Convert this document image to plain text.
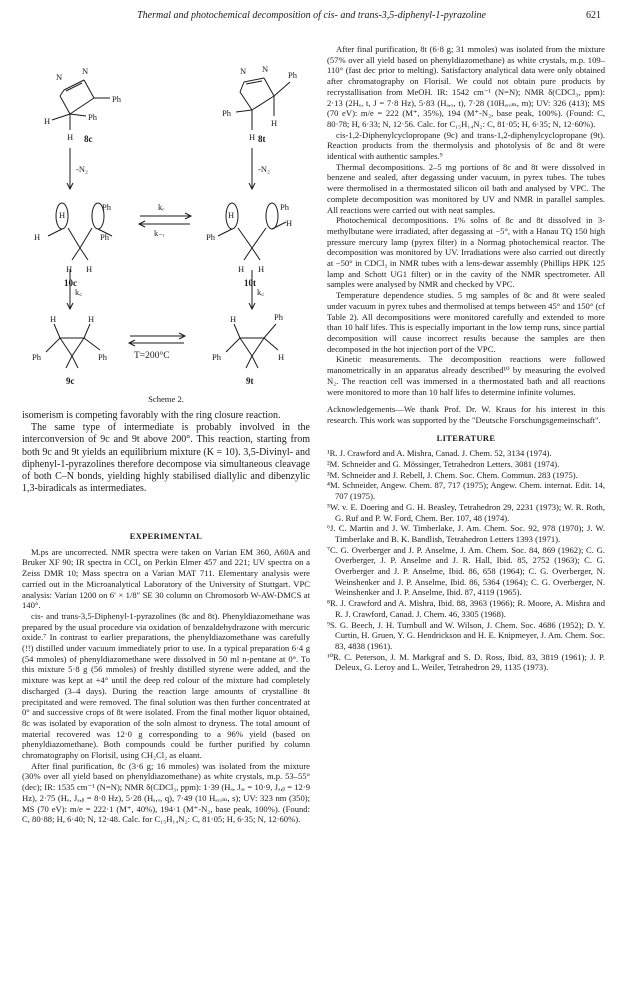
Thermal and photochemical decomposition of cis- and trans-3,5-diphenyl-1-pyrazoline	621
N
N
Ph
Ph
H
H
N N
Ph
Ph
H
H
H
H
Ph
Ph
H H
H
Ph
Ph
H
H H
H	H
Ph	Ph
H	Ph
Ph	H
8c	8t
10c	10t
9c	9t
-N₂	-N₂
kᵣ
k₋ᵣ
k꜀	k꜀
T=200°C
Scheme 2.

isomerism is competing favorably with the ring closure reaction.

The same type of intermediate is probably involved in the interconversion of 9c and 9t above 200°. This reaction, starting from both 9c and 9t yields an equilibrium mixture (K = 10). 3,5-Divinyl- and diphenyl-1-pyrazolines therefore decompose via simultaneous cleavage of both C–N bonds, yielding highly stabilised diallylic and dibenzylic 1,3-biradicals as intermediates.

EXPERIMENTAL

M.ps are uncorrected. NMR spectra were taken on Varian EM 360, A60A and Bruker XF 90; IR spectra in CCl₄ on Perkin Elmer 457 and 221; UV spectra on a Zeiss DMR 10; Mass spectra on a Varian MAT 711. Elementary analysis were carried out in the Microanalytical Laboratory of the University of Stuttgart. VPC analysis: Varian 1200 on 6′ × 1/8″ SE 30 column on Chromosorb W-AW-DMCS at 140°.

cis- and trans-3,5-Diphenyl-1-pyrazolines (8c and 8t). Phenyldiazomethane was prepared by the usual procedure via oxidation of benzaldehydrazone with mercuric oxide.⁷ In contrast to earlier preparations, the phenyldiazomethane was carefully (!!) distilled under vacuum immediately prior to use. In a typical preparation 6·4 g (54 mmoles) of phenyldiazomethane were dissolved in 50 ml n-pentane at 0°. To this mixture 5·8 g (56 mmoles) of freshly distilled styrene were added, and the mixture was kept at +4° until the deep red colour of the mixture had completely discharged (3–4 days). During the reaction large amounts of crystalline 8t precipitated and were removed. The final solution was then further concentrated at 0° and successive crops of 8t were isolated. From the final mother liquor obtained, 8c was isolated by evaporation of the soln almost to dryness. The total amount of material recovered was 12·0 g corresponding to a 96% yield (based on phenyldiazomethane). Both compounds could be further purified by column chromatography on Florisil, using CH₂Cl₂ as eluant.

After final purification, 8c (3·6 g; 16 mmoles) was isolated from the mixture (30% over all yield based on phenyldiazomethane) as white crystals, m.p. 53–55° (dec); IR: 1535 cm⁻¹ (N=N); NMR δ(CDCl₃, ppm): 1·39 (Hₐ, Jₐₑ = 10·9, Jₐ,ᵦ = 12·9 Hz), 2·75 (Hₑ, Jₐ,ᵦ = 8·0 Hz), 5·28 (Hₐ,ₓ, q), 7·49 (10 Hₐᵣₒₘ, s); UV: 323 nm (350); MS (70 eV): m/e = 222·1 (M⁺, 40%), 194·1 (M⁺-N₂, base peak, 100%). (Found: C, 80·88; H, 6·40; N, 12·48. Calc. for C₁₅H₁₄N₂: C, 81·05; H, 6·35; N, 12·60%).

After final purification, 8t (6·8 g; 31 mmoles) was isolated from the mixture (57% over all yield based on phenyldiazomethane) as white crystals, m.p. 109–110° (fast dec prior to melting). Satisfactory analytical data were only obtained after chromatography on Florisil. We could not obtain pure products by recrystallisation from MeOH. IR: 1542 cm⁻¹ (N=N); NMR δ(CDCl₃, ppm): 2·13 (2Hₑ, t, J = 7·8 Hz), 5·83 (Hₐ,ₓ, t), 7·28 (10Hₐᵣₒₘ, m); UV: 326 (413); MS (70 eV): m/e = 222 (M⁺, 35%), 194 (M⁺-N₂, base peak, 100%). (Found: C, 80·78; H, 6·33; N, 12·56. Calc. for C₁₅H₁₄N₂: C, 81·05; H, 6·35; N, 12·60%).

cis-1,2-Diphenylcyclopropane (9c) and trans-1,2-diphenylcyclopropane (9t). Reaction products from the thermolysis and photolysis of 8c and 8t were identical with authentic samples.⁹

Thermal decompositions. 2–5 mg portions of 8c and 8t were dissolved in benzene and sealed, after degassing under vacuum, in pyrex tubes. The tubes were thermolised in a thermostated silicon oil bath and analysed by VPC. The complete decomposition was monitored by UV and NMR in parallel samples. All reactions were carried out with neat samples.

Photochemical decompositions. 1% solns of 8c and 8t dissolved in 3-methylbutane were irradiated, after degassing at −5°, with a Hanau TQ 150 high pressure mercury lamp (pyrex filter) in a Normag photochemical reactor. The decomposition was monitored by UV. Irradiations were also carried out directly at −50° in CDCl₃ in NMR tubes with a lens-dewar assembly (Phillips HPK 125 lamp and Schott UG1 filter) or in the cavity of the NMR spectrometer. All samples were analysed by NMR and checked by VPC.

Temperature dependence studies. 5 mg samples of 8c and 8t were sealed under vacuum in pyrex tubes and thermolised at temps between 45° and 150° (cf Table 2). All decompositions were monitored carefully and extended to more than 10 half lifes. This is especially important in the low temp runs, since partial decomposition will cause incorrect results because the samples are then decomposed in the hot injection port of the VPC.

Kinetic measurements. The decomposition reactions were followed manometrically in an apparatus already described¹⁰ by measuring the evolved N₂. The reaction cell was immersed in a thermostated bath and all reactions were monitored to more than 10 half lifes to determine infinite volumes.

Acknowledgements—We thank Prof. Dr. W. Kraus for his interest in this research. This work was supported by the "Deutsche Forschungsgemeinschaft".

LITERATURE

¹R. J. Crawford and A. Mishra, Canad. J. Chem. 52, 3134 (1974).

²M. Schneider and G. Mössinger, Tetrahedron Letters. 3081 (1974).

³M. Schneider and J. Rebell, J. Chem. Soc. Chem. Commun. 283 (1975).

⁴M. Schneider, Angew. Chem. 87, 717 (1975); Angew. Chem. internat. Edit. 14, 707 (1975).

⁵W. v. E. Doering and G. H. Beasley, Tetrahedron 29, 2231 (1973); W. R. Roth, G. Ruf and P. W. Ford, Chem. Ber. 107, 48 (1974).

⁶J. C. Martin and J. W. Timberlake, J. Am. Chem. Soc. 92, 978 (1970); J. W. Timberlake and B. K. Bandlish, Tetrahedron Letters 1393 (1971).

⁷C. G. Overberger and J. P. Anselme, J. Am. Chem. Soc. 84, 869 (1962); C. G. Overberger, J. P. Anselme and J. R. Hall, Ibid. 85, 2752 (1963); C. G. Overberger and J. P. Anselme, Ibid. 86, 658 (1964); C. G. Overberger, N. Weinshenker and J. P. Anselme, Ibid. 86, 5364 (1964); C. G. Overberger, N. Weinshenker and J. P. Anselme, Ibid. 87, 4119 (1965).

⁸R. J. Crawford and A. Mishra, Ibid. 88, 3963 (1966); R. Moore, A. Mishra and R. J. Crawford, Canad. J. Chem. 46, 3305 (1968).

⁹S. G. Beech, J. H. Turnbull and W. Wilson, J. Chem. Soc. 4686 (1952); D. Y. Curtin, H. Gruen, Y. G. Hendrickson and H. E. Knipmeyer, J. Am. Chem. Soc. 83, 4838 (1961).

¹⁰R. C. Peterson, J. M. Markgraf and S. D. Ross, Ibid. 83, 3819 (1961); J. P. Deleux, G. Leroy and L. Weiler, Tetrahedron 29, 1135 (1973).
